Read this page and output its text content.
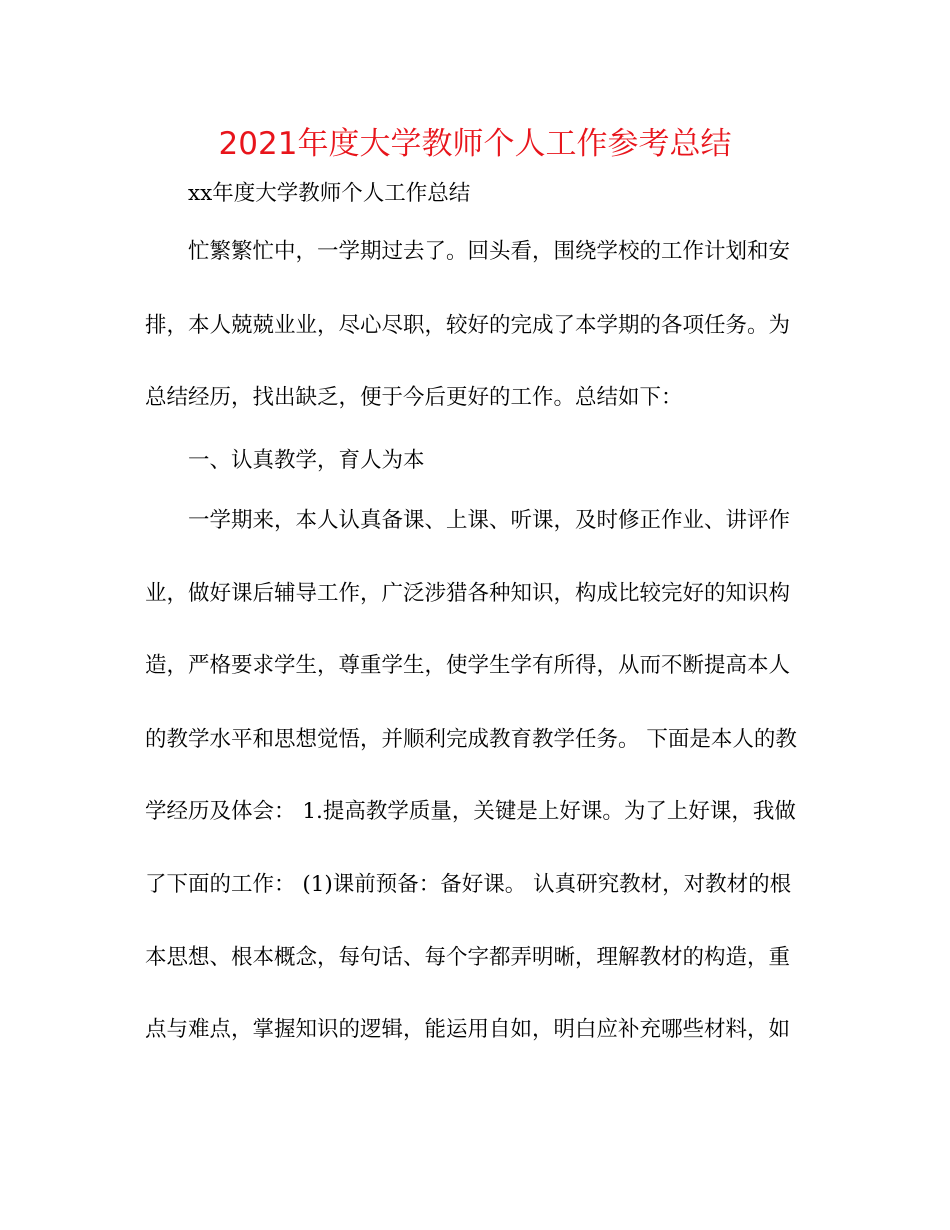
2021年度大学教师个人工作参考总结
xx年度大学教师个人工作总结
忙繁繁忙中，一学期过去了。回头看，围绕学校的工作计划和安
排，本人兢兢业业，尽心尽职，较好的完成了本学期的各项任务。为
总结经历，找出缺乏，便于今后更好的工作。总结如下：
一、认真教学，育人为本
一学期来，本人认真备课、上课、听课，及时修正作业、讲评作
业，做好课后辅导工作，广泛涉猎各种知识，构成比较完好的知识构
造，严格要求学生，尊重学生，使学生学有所得，从而不断提高本人
的教学水平和思想觉悟，并顺利完成教育教学任务。 下面是本人的教
学经历及体会： 1.提高教学质量，关键是上好课。为了上好课，我做
了下面的工作： (1)课前预备：备好课。 认真研究教材，对教材的根
本思想、根本概念，每句话、每个字都弄明晰，理解教材的构造，重
点与难点，掌握知识的逻辑，能运用自如，明白应补充哪些材料，如
